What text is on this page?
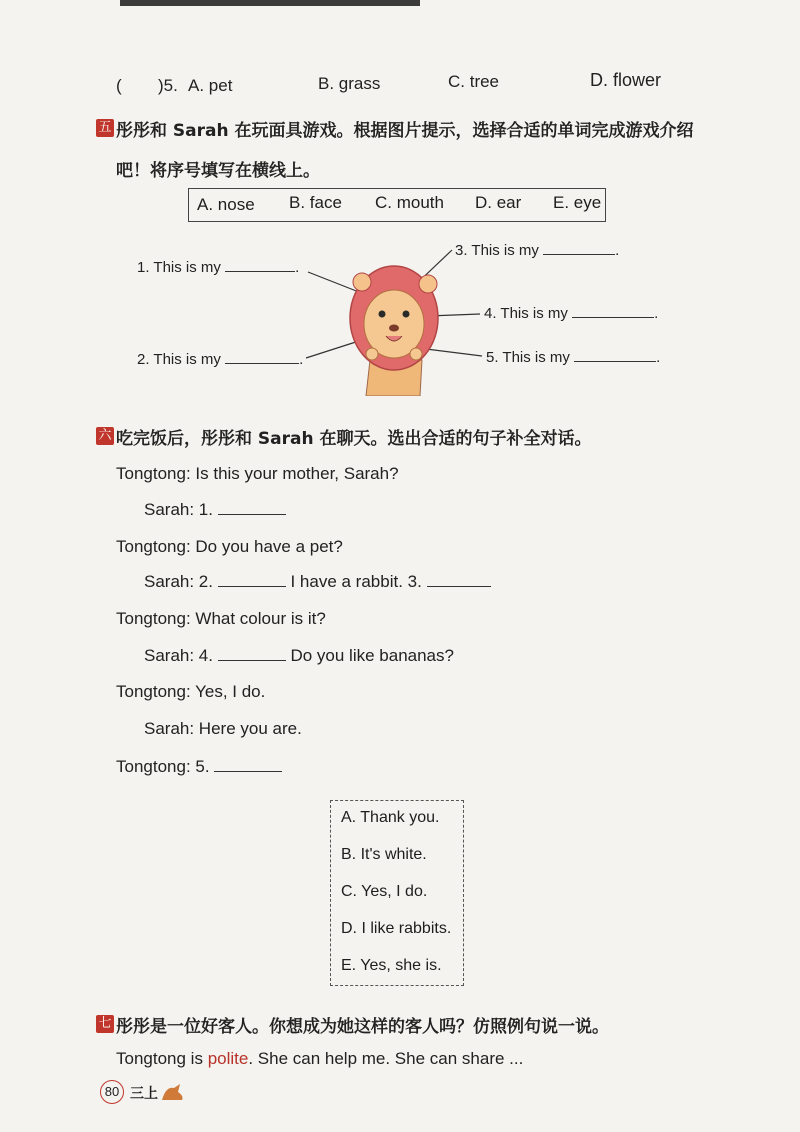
( )5. A. pet	B. grass	C. tree	D. flower
五 彤彤和 Sarah 在玩面具游戏。根据图片提示，选择合适的单词完成游戏介绍
吧！将序号填写在横线上。
A. nose B. face C. mouth D. ear E. eye
1. This is my	.
2. This is my	.
3. This is my	.
4. This is my	.
5. This is my	.
六 吃完饭后，彤彤和 Sarah 在聊天。选出合适的句子补全对话。
Tongtong: Is this your mother, Sarah?
Sarah: 1.
Tongtong: Do you have a pet?
Sarah: 2.	I have a rabbit. 3.
Tongtong: What colour is it?
Sarah: 4.	Do you like bananas?
Tongtong: Yes, I do.
Sarah: Here you are.
Tongtong: 5.
A. Thank you.
B. It's white.
C. Yes, I do.
D. I like rabbits.
E. Yes, she is.
七 彤彤是一位好客人。你想成为她这样的客人吗？仿照例句说一说。
Tongtong is polite. She can help me. She can share ...
80 三上
